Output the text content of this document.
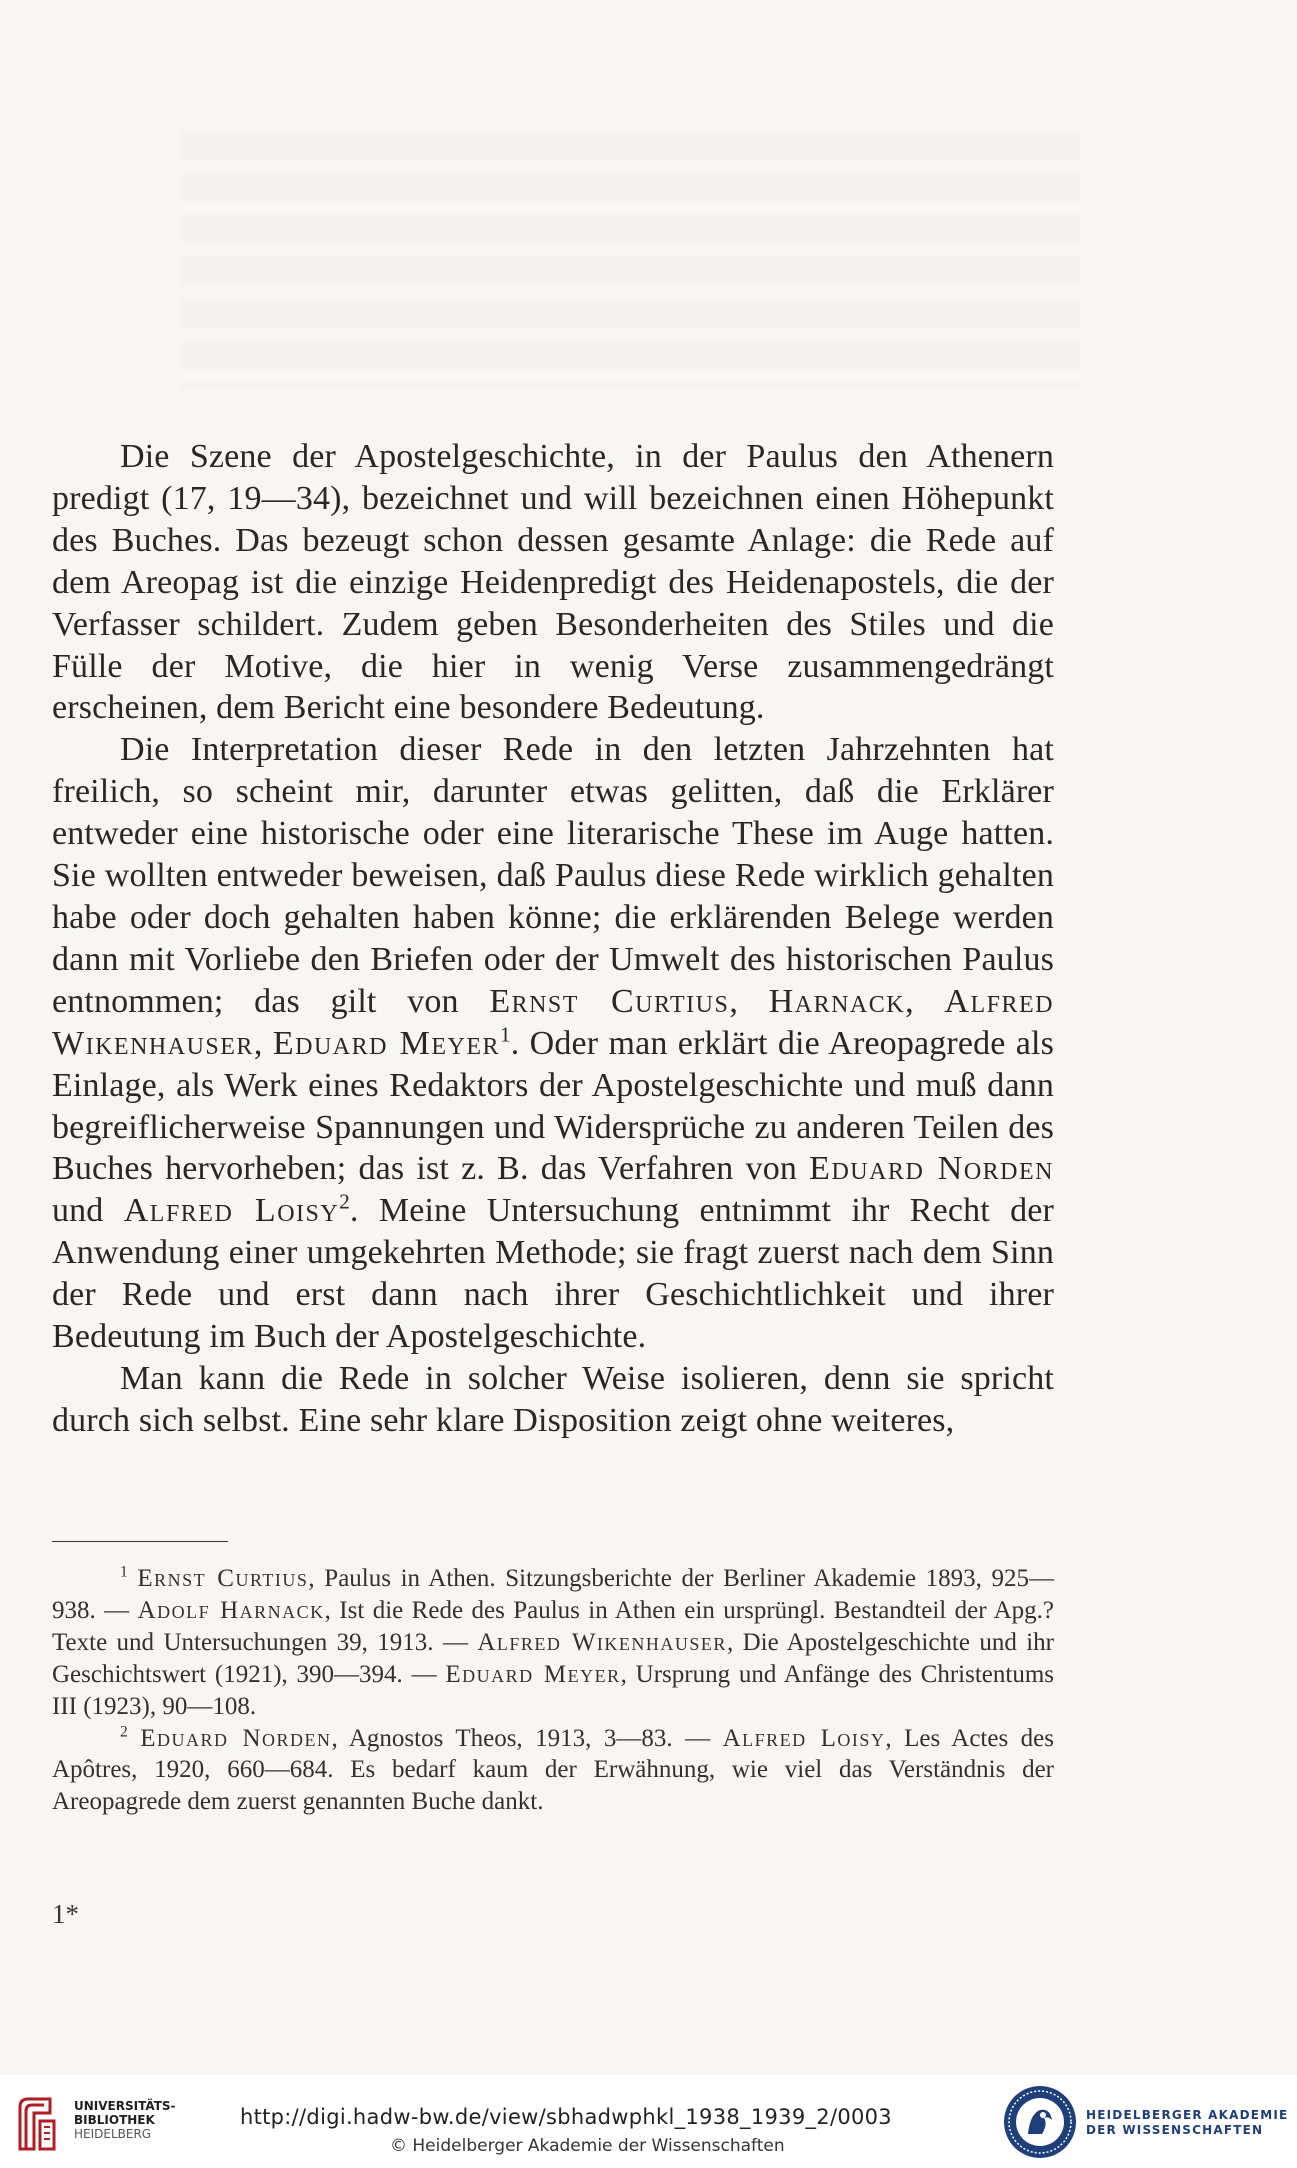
Die Szene der Apostelgeschichte, in der Paulus den Athenern predigt (17, 19—34), bezeichnet und will bezeichnen einen Höhepunkt des Buches. Das bezeugt schon dessen gesamte Anlage: die Rede auf dem Areopag ist die einzige Heidenpredigt des Heidenapostels, die der Verfasser schildert. Zudem geben Besonderheiten des Stiles und die Fülle der Motive, die hier in wenig Verse zusammengedrängt erscheinen, dem Bericht eine besondere Bedeutung.

Die Interpretation dieser Rede in den letzten Jahrzehnten hat freilich, so scheint mir, darunter etwas gelitten, daß die Erklärer entweder eine historische oder eine literarische These im Auge hatten. Sie wollten entweder beweisen, daß Paulus diese Rede wirklich gehalten habe oder doch gehalten haben könne; die erklärenden Belege werden dann mit Vorliebe den Briefen oder der Umwelt des historischen Paulus entnommen; das gilt von Ernst Curtius, Harnack, Alfred Wikenhauser, Eduard Meyer$^1$. Oder man erklärt die Areopagrede als Einlage, als Werk eines Redaktors der Apostelgeschichte und muß dann begreiflicherweise Spannungen und Widersprüche zu anderen Teilen des Buches hervorheben; das ist z. B. das Verfahren von Eduard Norden und Alfred Loisy$^2$. Meine Untersuchung entnimmt ihr Recht der Anwendung einer umgekehrten Methode; sie fragt zuerst nach dem Sinn der Rede und erst dann nach ihrer Geschichtlichkeit und ihrer Bedeutung im Buch der Apostelgeschichte.

Man kann die Rede in solcher Weise isolieren, denn sie spricht durch sich selbst. Eine sehr klare Disposition zeigt ohne weiteres,

$^1$ Ernst Curtius, Paulus in Athen. Sitzungsberichte der Berliner Akademie 1893, 925—938. — Adolf Harnack, Ist die Rede des Paulus in Athen ein ursprüngl. Bestandteil der Apg.? Texte und Untersuchungen 39, 1913. — Alfred Wikenhauser, Die Apostelgeschichte und ihr Geschichtswert (1921), 390—394. — Eduard Meyer, Ursprung und Anfänge des Christentums III (1923), 90—108.

$^2$ Eduard Norden, Agnostos Theos, 1913, 3—83. — Alfred Loisy, Les Actes des Apôtres, 1920, 660—684. Es bedarf kaum der Erwähnung, wie viel das Verständnis der Areopagrede dem zuerst genannten Buche dankt.

1*
UNIVERSITÄTS-
BIBLIOTHEK
HEIDELBERG
http://digi.hadw-bw.de/view/sbhadwphkl_1938_1939_2/0003
© Heidelberger Akademie der Wissenschaften
HEIDELBERGER AKADEMIE
DER WISSENSCHAFTEN
